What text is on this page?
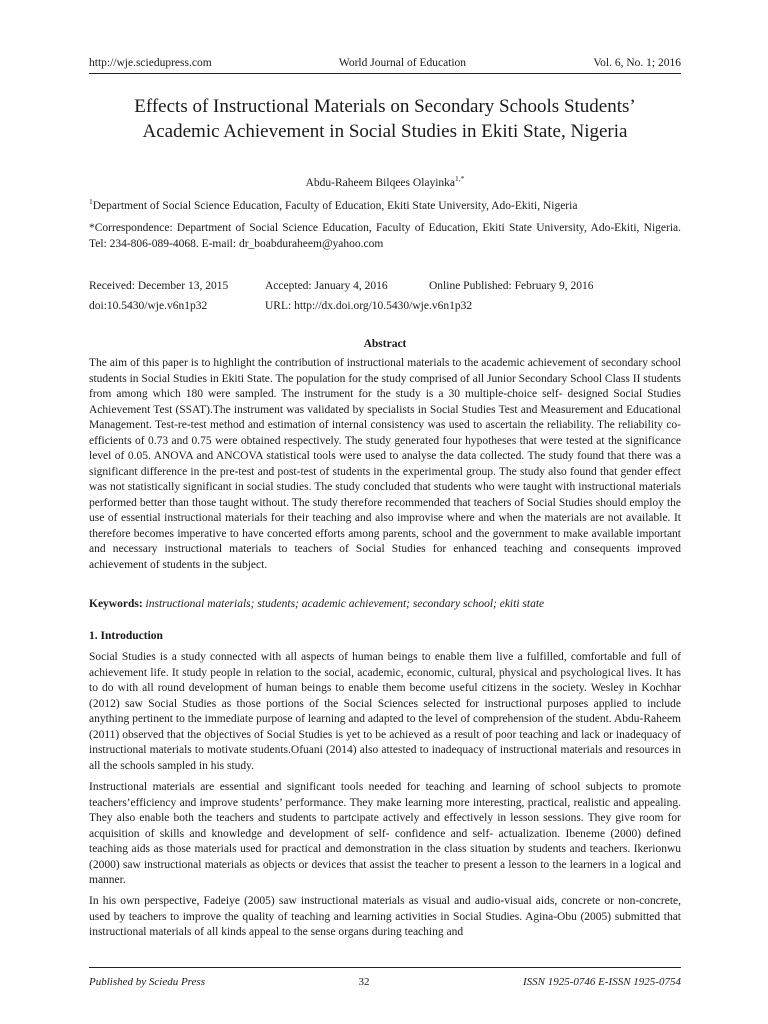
http://wje.sciedupress.com	World Journal of Education	Vol. 6, No. 1; 2016
Effects of Instructional Materials on Secondary Schools Students’
Academic Achievement in Social Studies in Ekiti State, Nigeria
Abdu-Raheem Bilqees Olayinka$^{1,*}$
$^1$Department of Social Science Education, Faculty of Education, Ekiti State University, Ado-Ekiti, Nigeria
*Correspondence: Department of Social Science Education, Faculty of Education, Ekiti State University, Ado-Ekiti, Nigeria. Tel: 234-806-089-4068. E-mail: dr_boabduraheem@yahoo.com
Received: December 13, 2015	Accepted: January 4, 2016	Online Published: February 9, 2016
doi:10.5430/wje.v6n1p32	URL: http://dx.doi.org/10.5430/wje.v6n1p32
Abstract
The aim of this paper is to highlight the contribution of instructional materials to the academic achievement of secondary school students in Social Studies in Ekiti State. The population for the study comprised of all Junior Secondary School Class II students from among which 180 were sampled. The instrument for the study is a 30 multiple-choice self- designed Social Studies Achievement Test (SSAT).The instrument was validated by specialists in Social Studies Test and Measurement and Educational Management. Test-re-test method and estimation of internal consistency was used to ascertain the reliability. The reliability co-efficients of 0.73 and 0.75 were obtained respectively. The study generated four hypotheses that were tested at the significance level of 0.05. ANOVA and ANCOVA statistical tools were used to analyse the data collected. The study found that there was a significant difference in the pre-test and post-test of students in the experimental group. The study also found that gender effect was not statistically significant in social studies. The study concluded that students who were taught with instructional materials performed better than those taught without. The study therefore recommended that teachers of Social Studies should employ the use of essential instructional materials for their teaching and also improvise where and when the materials are not available. It therefore becomes imperative to have concerted efforts among parents, school and the government to make available important and necessary instructional materials to teachers of Social Studies for enhanced teaching and consequents improved achievement of students in the subject.
Keywords: instructional materials; students; academic achievement; secondary school; ekiti state
1. Introduction
Social Studies is a study connected with all aspects of human beings to enable them live a fulfilled, comfortable and full of achievement life. It study people in relation to the social, academic, economic, cultural, physical and psychological lives. It has to do with all round development of human beings to enable them become useful citizens in the society. Wesley in Kochhar (2012) saw Social Studies as those portions of the Social Sciences selected for instructional purposes applied to include anything pertinent to the immediate purpose of learning and adapted to the level of comprehension of the student. Abdu-Raheem (2011) observed that the objectives of Social Studies is yet to be achieved as a result of poor teaching and lack or inadequacy of instructional materials to motivate students.Ofuani (2014) also attested to inadequacy of instructional materials and resources in all the schools sampled in his study.
Instructional materials are essential and significant tools needed for teaching and learning of school subjects to promote teachers’efficiency and improve students’ performance. They make learning more interesting, practical, realistic and appealing. They also enable both the teachers and students to partcipate actively and effectively in lesson sessions. They give room for acquisition of skills and knowledge and development of self- confidence and self- actualization. Ibeneme (2000) defined teaching aids as those materials used for practical and demonstration in the class situation by students and teachers. Ikerionwu (2000) saw instructional materials as objects or devices that assist the teacher to present a lesson to the learners in a logical and manner.
In his own perspective, Fadeiye (2005) saw instructional materials as visual and audio-visual aids, concrete or non-concrete, used by teachers to improve the quality of teaching and learning activities in Social Studies. Agina-Obu (2005) submitted that instructional materials of all kinds appeal to the sense organs during teaching and
Published by Sciedu Press	32	ISSN 1925-0746 E-ISSN 1925-0754
